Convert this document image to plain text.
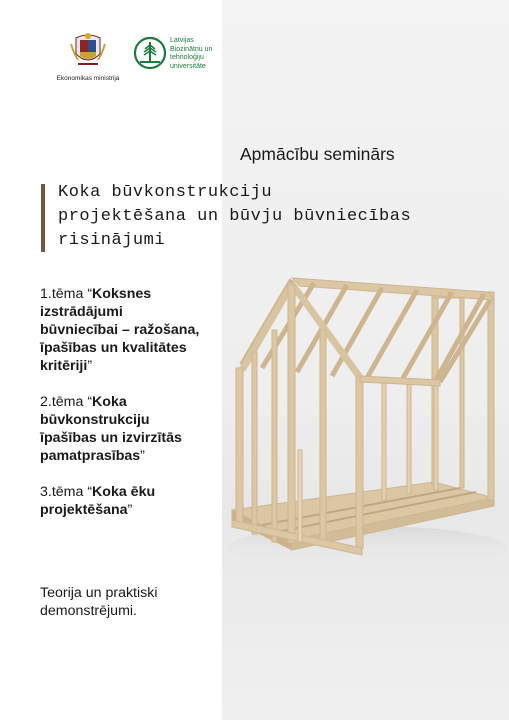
Ekonomikas ministrija
Latvijas
Biozinātņu un
tehnoloģiju
universitāte
Apmācību seminārs
Koka būvkonstrukciju
projektēšana un būvju būvniecības
risinājumi
1.tēma “Koksnes
izstrādājumi
būvniecībai – ražošana,
īpašības un kvalitātes
kritēriji”
2.tēma “Koka
būvkonstrukciju
īpašības un izvirzītās
pamatprasības”
3.tēma “Koka ēku
projektēšana”
Teorija un praktiski
demonstrējumi.
